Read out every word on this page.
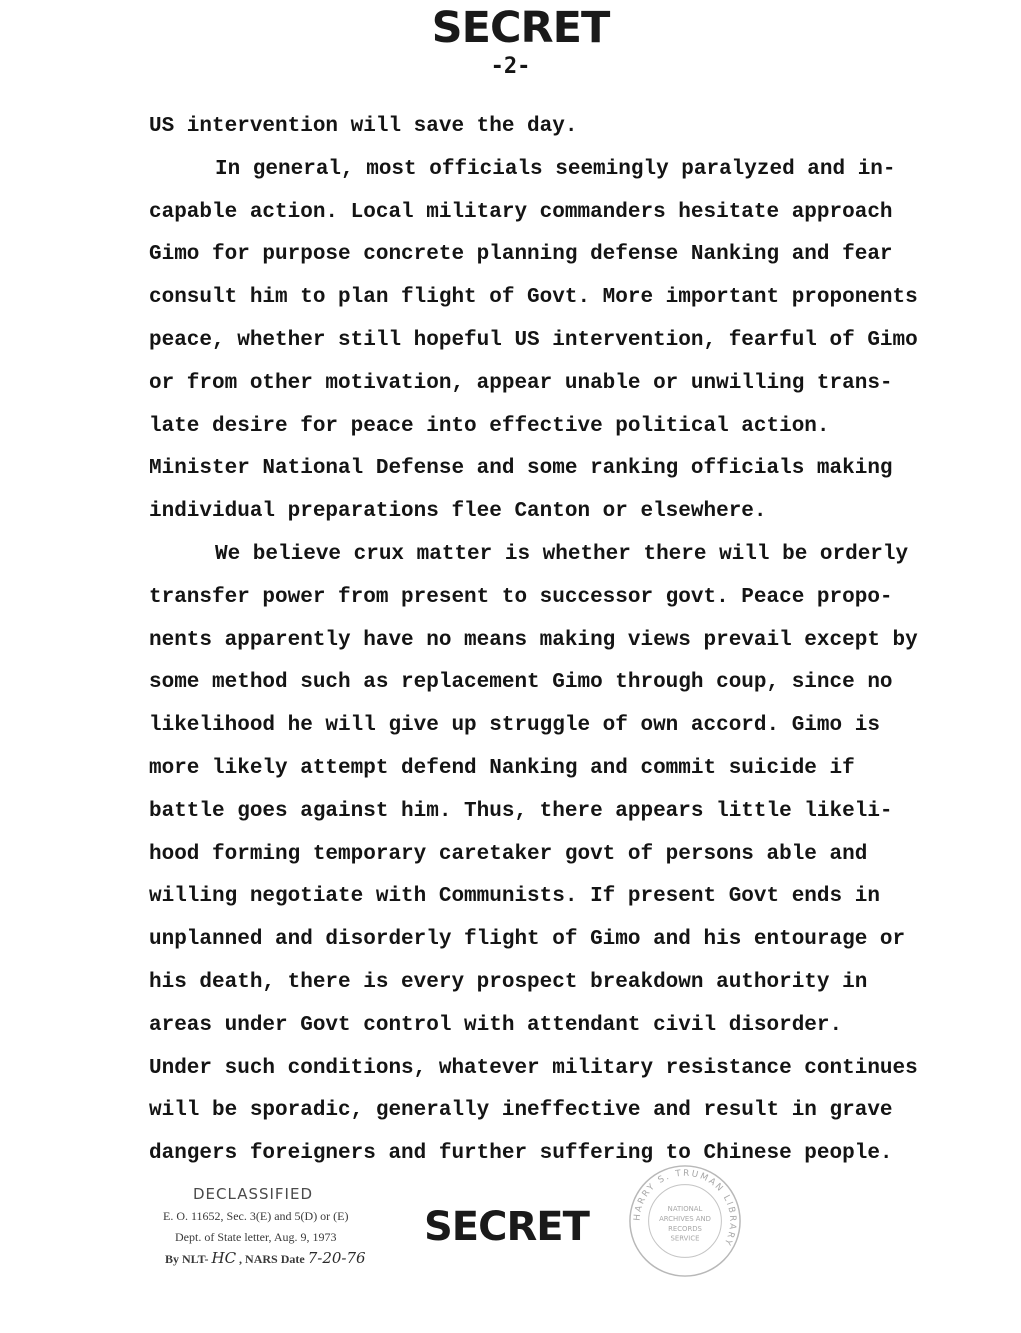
SECRET
-2-
US intervention will save the day.
In general, most officials seemingly paralyzed and in-
capable action. Local military commanders hesitate approach
Gimo for purpose concrete planning defense Nanking and fear
consult him to plan flight of Govt. More important proponents
peace, whether still hopeful US intervention, fearful of Gimo
or from other motivation, appear unable or unwilling trans-
late desire for peace into effective political action.
Minister National Defense and some ranking officials making
individual preparations flee Canton or elsewhere.
We believe crux matter is whether there will be orderly
transfer power from present to successor govt. Peace propo-
nents apparently have no means making views prevail except by
some method such as replacement Gimo through coup, since no
likelihood he will give up struggle of own accord. Gimo is
more likely attempt defend Nanking and commit suicide if
battle goes against him. Thus, there appears little likeli-
hood forming temporary caretaker govt of persons able and
willing negotiate with Communists. If present Govt ends in
unplanned and disorderly flight of Gimo and his entourage or
his death, there is every prospect breakdown authority in
areas under Govt control with attendant civil disorder.
Under such conditions, whatever military resistance continues
will be sporadic, generally ineffective and result in grave
dangers foreigners and further suffering to Chinese people.
DECLASSIFIED
E. O. 11652, Sec. 3(E) and 5(D) or (E)
Dept. of State letter, Aug. 9, 1973
By NLT- HC , NARS Date 7-20-76
SECRET	HARRY S. TRUMAN LIBRARY
NATIONAL
ARCHIVES AND
RECORDS
SERVICE
